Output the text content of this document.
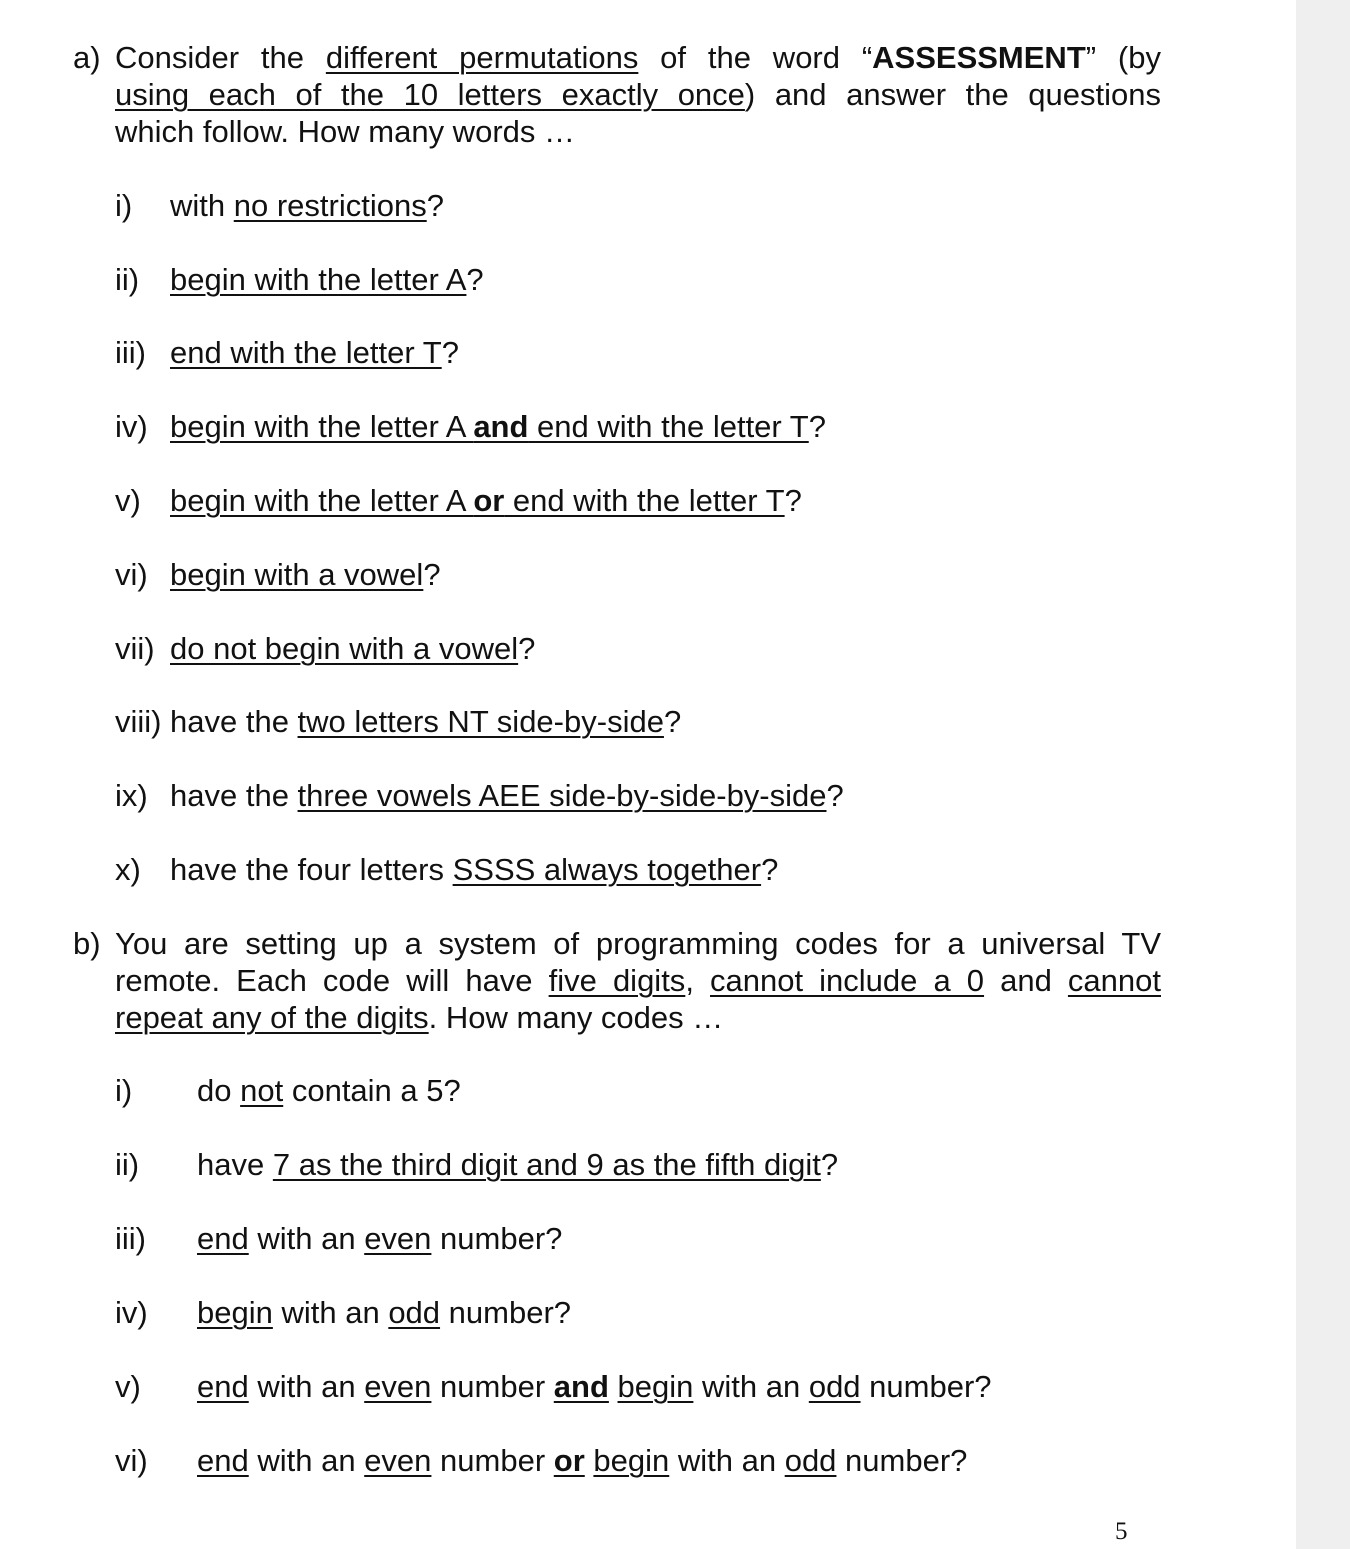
a) Consider the different permutations of the word “ASSESSMENT” (by
using each of the 10 letters exactly once) and answer the questions
which follow. How many words …
i) with no restrictions?
ii) begin with the letter A?
iii) end with the letter T?
iv) begin with the letter A and end with the letter T?
v) begin with the letter A or end with the letter T?
vi) begin with a vowel?
vii) do not begin with a vowel?
viii) have the two letters NT side-by-side?
ix) have the three vowels AEE side-by-side-by-side?
x) have the four letters SSSS always together?
b) You are setting up a system of programming codes for a universal TV
remote. Each code will have five digits, cannot include a 0 and cannot
repeat any of the digits. How many codes …
i) do not contain a 5?
ii) have 7 as the third digit and 9 as the fifth digit?
iii) end with an even number?
iv) begin with an odd number?
v) end with an even number and begin with an odd number?
vi) end with an even number or begin with an odd number?
5
